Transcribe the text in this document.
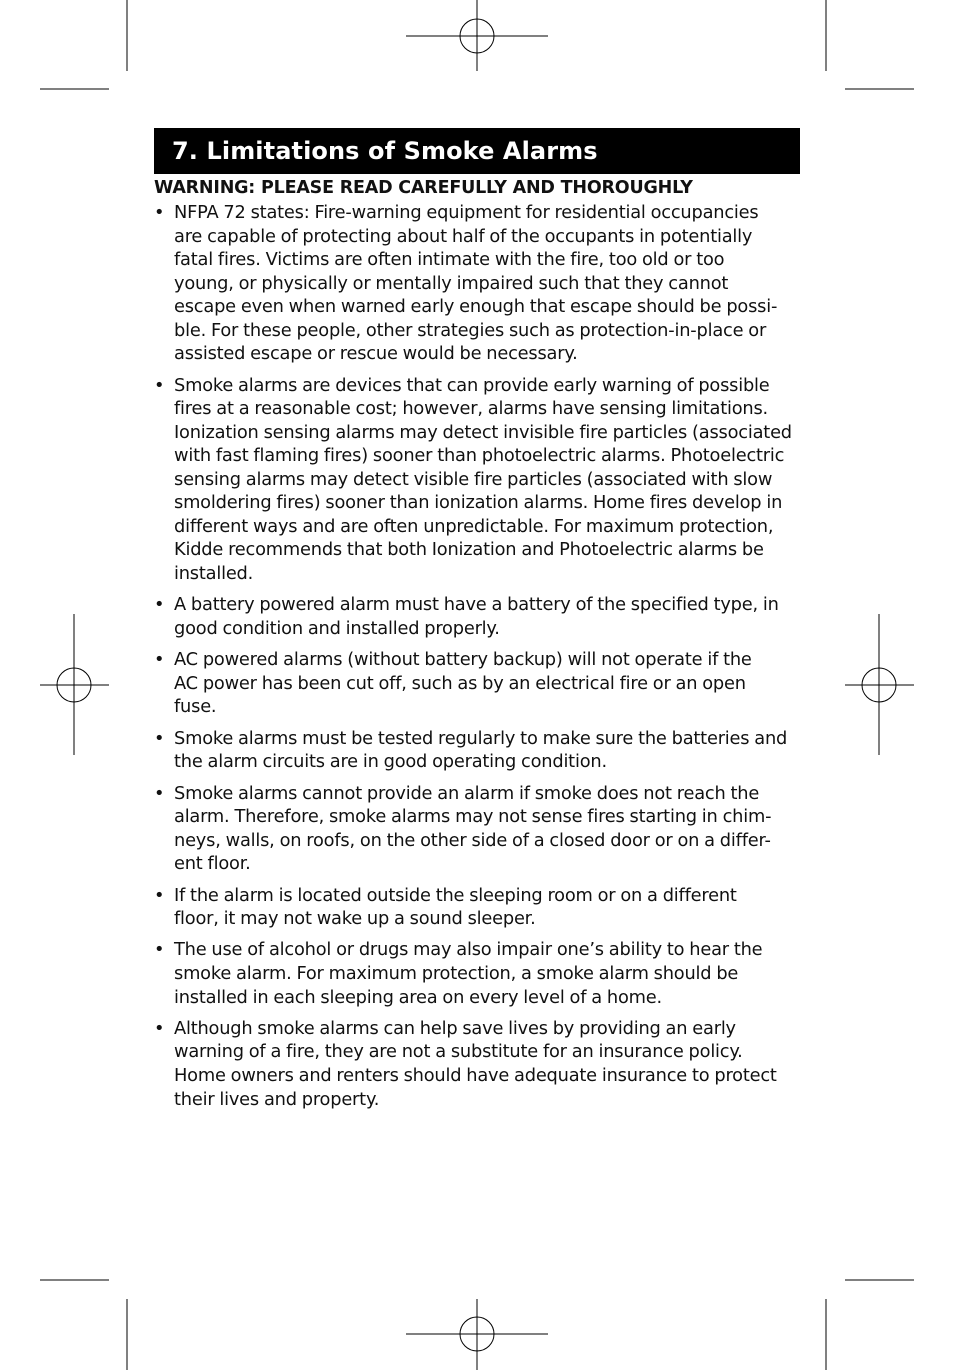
7. Limitations of Smoke Alarms
WARNING: PLEASE READ CAREFULLY AND THOROUGHLY
• NFPA 72 states: Fire-warning equipment for residential occupancies
are capable of protecting about half of the occupants in potentially
fatal fires. Victims are often intimate with the fire, too old or too
young, or physically or mentally impaired such that they cannot
escape even when warned early enough that escape should be possi-
ble. For these people, other strategies such as protection-in-place or
assisted escape or rescue would be necessary.
• Smoke alarms are devices that can provide early warning of possible
fires at a reasonable cost; however, alarms have sensing limitations.
Ionization sensing alarms may detect invisible fire particles (associated
with fast flaming fires) sooner than photoelectric alarms. Photoelectric
sensing alarms may detect visible fire particles (associated with slow
smoldering fires) sooner than ionization alarms. Home fires develop in
different ways and are often unpredictable. For maximum protection,
Kidde recommends that both Ionization and Photoelectric alarms be
installed.
• A battery powered alarm must have a battery of the specified type, in
good condition and installed properly.
• AC powered alarms (without battery backup) will not operate if the
AC power has been cut off, such as by an electrical fire or an open
fuse.
• Smoke alarms must be tested regularly to make sure the batteries and
the alarm circuits are in good operating condition.
• Smoke alarms cannot provide an alarm if smoke does not reach the
alarm. Therefore, smoke alarms may not sense fires starting in chim-
neys, walls, on roofs, on the other side of a closed door or on a differ-
ent floor.
• If the alarm is located outside the sleeping room or on a different
floor, it may not wake up a sound sleeper.
• The use of alcohol or drugs may also impair one’s ability to hear the
smoke alarm. For maximum protection, a smoke alarm should be
installed in each sleeping area on every level of a home.
• Although smoke alarms can help save lives by providing an early
warning of a fire, they are not a substitute for an insurance policy.
Home owners and renters should have adequate insurance to protect
their lives and property.
